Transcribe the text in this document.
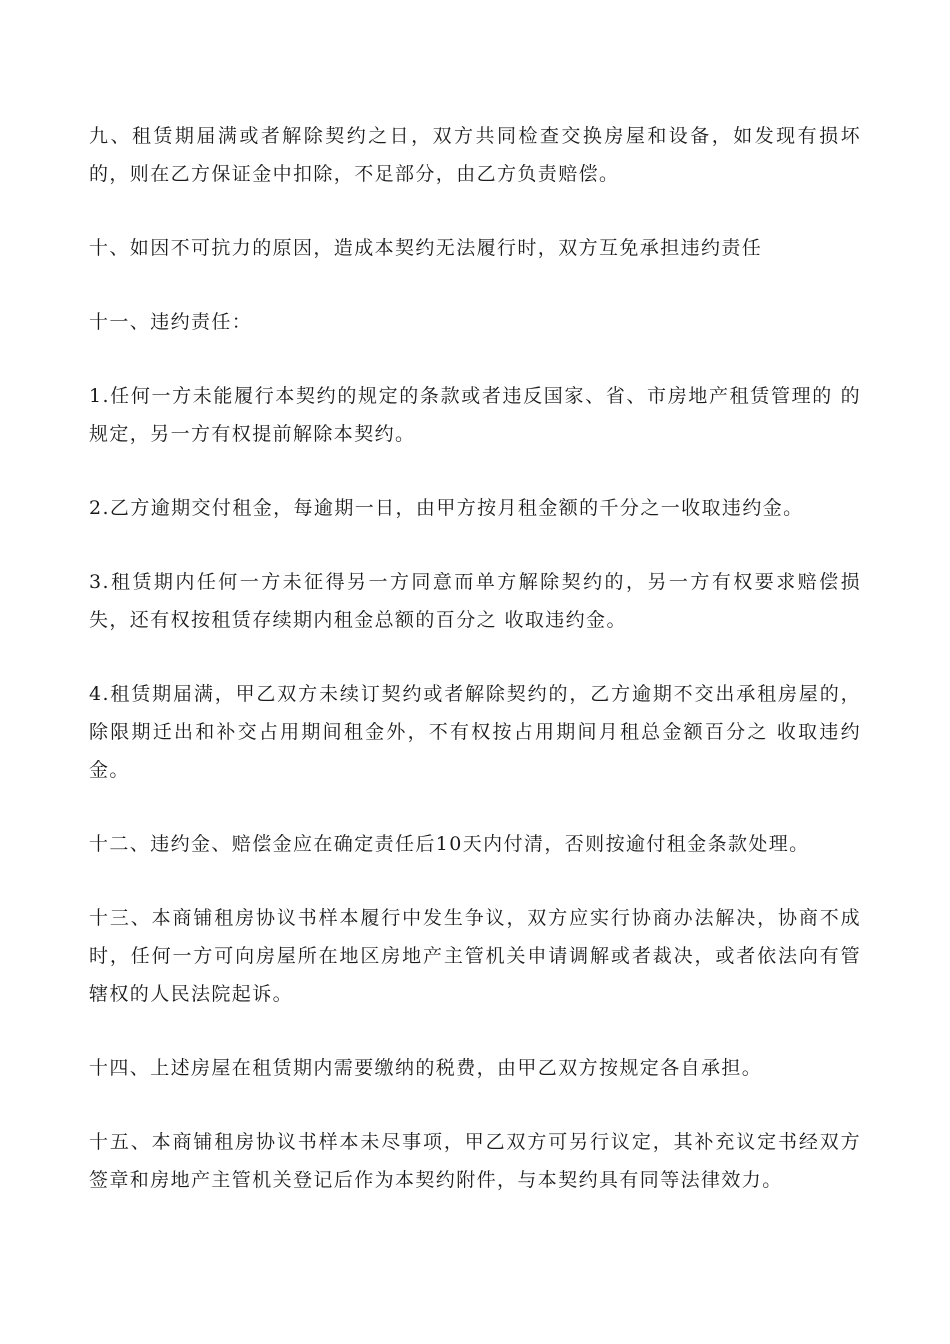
九、租赁期届满或者解除契约之日，双方共同检查交换房屋和设备，如发现有损坏的，则在乙方保证金中扣除，不足部分，由乙方负责赔偿。

十、如因不可抗力的原因，造成本契约无法履行时，双方互免承担违约责任

十一、违约责任：

1.任何一方未能履行本契约的规定的条款或者违反国家、省、市房地产租赁管理的 的规定，另一方有权提前解除本契约。

2.乙方逾期交付租金，每逾期一日，由甲方按月租金额的千分之一收取违约金。

3.租赁期内任何一方未征得另一方同意而单方解除契约的，另一方有权要求赔偿损失，还有权按租赁存续期内租金总额的百分之 收取违约金。

4.租赁期届满，甲乙双方未续订契约或者解除契约的，乙方逾期不交出承租房屋的，除限期迁出和补交占用期间租金外，不有权按占用期间月租总金额百分之 收取违约金。

十二、违约金、赔偿金应在确定责任后10天内付清，否则按逾付租金条款处理。

十三、本商铺租房协议书样本履行中发生争议，双方应实行协商办法解决，协商不成时，任何一方可向房屋所在地区房地产主管机关申请调解或者裁决，或者依法向有管辖权的人民法院起诉。

十四、上述房屋在租赁期内需要缴纳的税费，由甲乙双方按规定各自承担。

十五、本商铺租房协议书样本未尽事项，甲乙双方可另行议定，其补充议定书经双方签章和房地产主管机关登记后作为本契约附件，与本契约具有同等法律效力。
